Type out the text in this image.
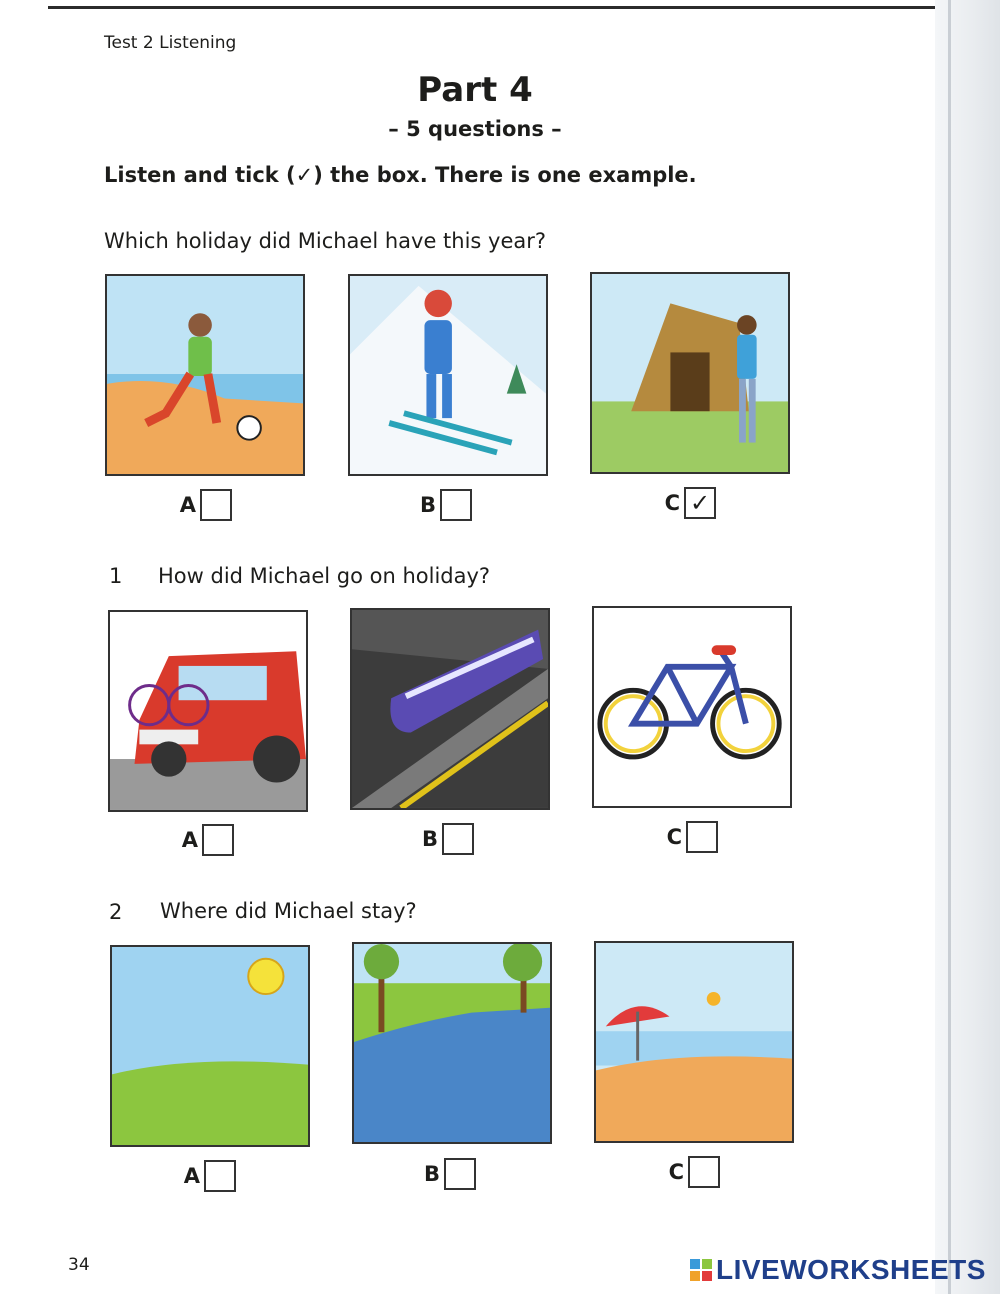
Test 2 Listening
Part 4
– 5 questions –
Listen and tick (✓) the box. There is one example.
Which holiday did Michael have this year?
A	B	C ✓
1 How did Michael go on holiday?
A	B	C
2 Where did Michael stay?
A	B	C
34	LIVEWORKSHEETS
